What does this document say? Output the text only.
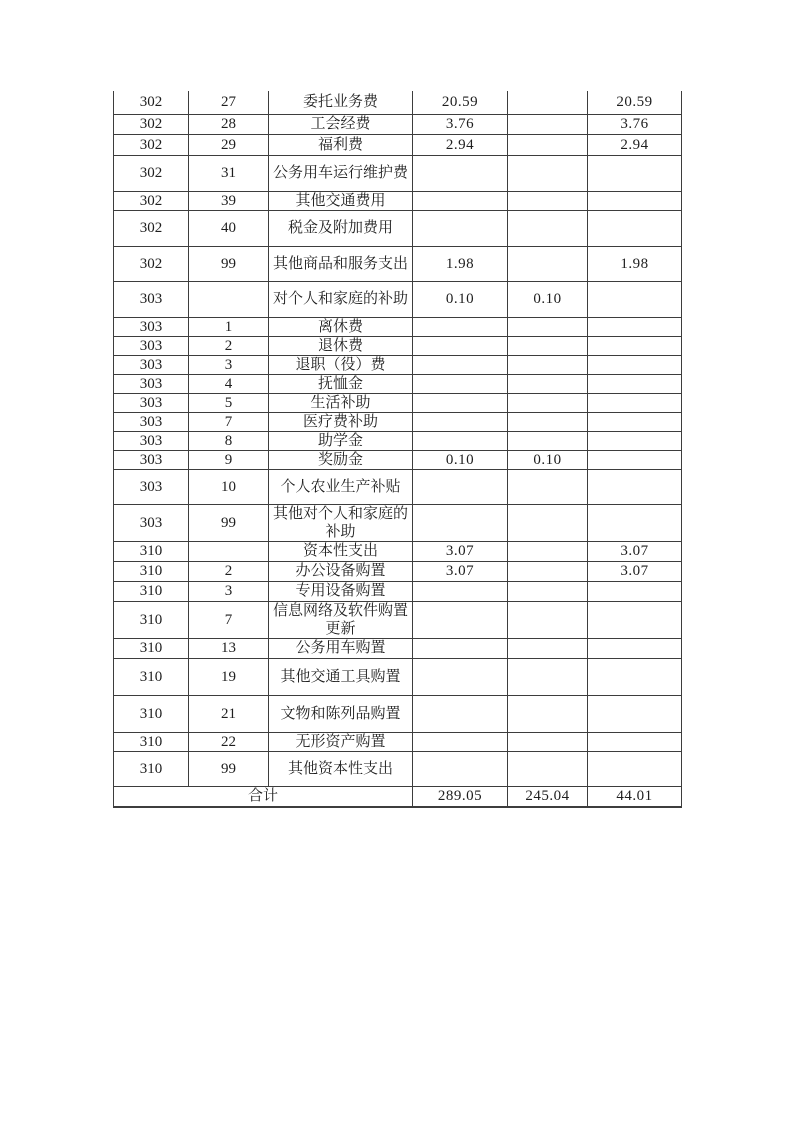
302	27	委托业务费	20.59		20.59
302	28	工会经费	3.76		3.76
302	29	福利费	2.94		2.94
302	31	公务用车运行维护费			
302	39	其他交通费用			
302	40	税金及附加费用			
302	99	其他商品和服务支出	1.98		1.98
303		对个人和家庭的补助	0.10	0.10	
303	1	离休费			
303	2	退休费			
303	3	退职（役）费			
303	4	抚恤金			
303	5	生活补助			
303	7	医疗费补助			
303	8	助学金			
303	9	奖励金	0.10	0.10	
303	10	个人农业生产补贴			
303	99	其他对个人和家庭的补助			
310		资本性支出	3.07		3.07
310	2	办公设备购置	3.07		3.07
310	3	专用设备购置			
310	7	信息网络及软件购置更新			
310	13	公务用车购置			
310	19	其他交通工具购置			
310	21	文物和陈列品购置			
310	22	无形资产购置			
310	99	其他资本性支出			
合计			289.05	245.04	44.01
